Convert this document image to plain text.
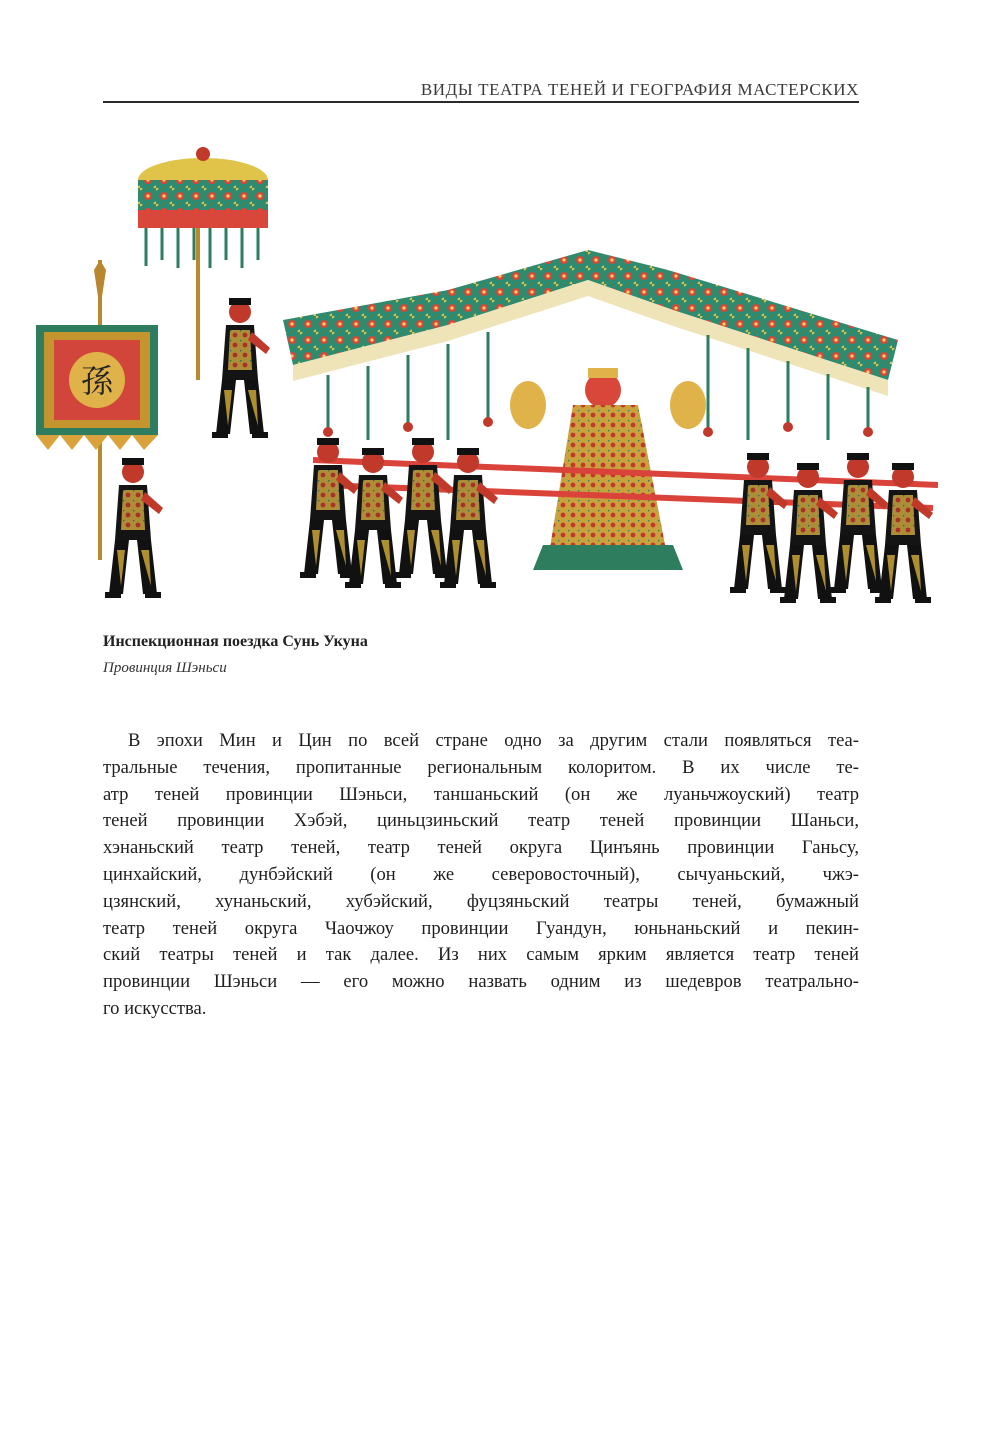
ВИДЫ ТЕАТРА ТЕНЕЙ И ГЕОГРАФИЯ МАСТЕРСКИХ
孫
Инспекционная поездка Сунь Укуна
Провинция Шэньси
В эпохи Мин и Цин по всей стране одно за другим стали появляться теа-
тральные течения, пропитанные региональным колоритом. В их числе те-
атр теней провинции Шэньси, таншаньский (он же луаньчжоуский) театр
теней провинции Хэбэй, циньцзиньский театр теней провинции Шаньси,
хэнаньский театр теней, театр теней округа Цинъянь провинции Ганьсу,
цинхайский, дунбэйский (он же северовосточный), сычуаньский, чжэ-
цзянский, хунаньский, хубэйский, фуцзяньский театры теней, бумажный
театр теней округа Чаочжоу провинции Гуандун, юньнаньский и пекин-
ский театры теней и так далее. Из них самым ярким является театр теней
провинции Шэньси — его можно назвать одним из шедевров театрально-
го искусства.
